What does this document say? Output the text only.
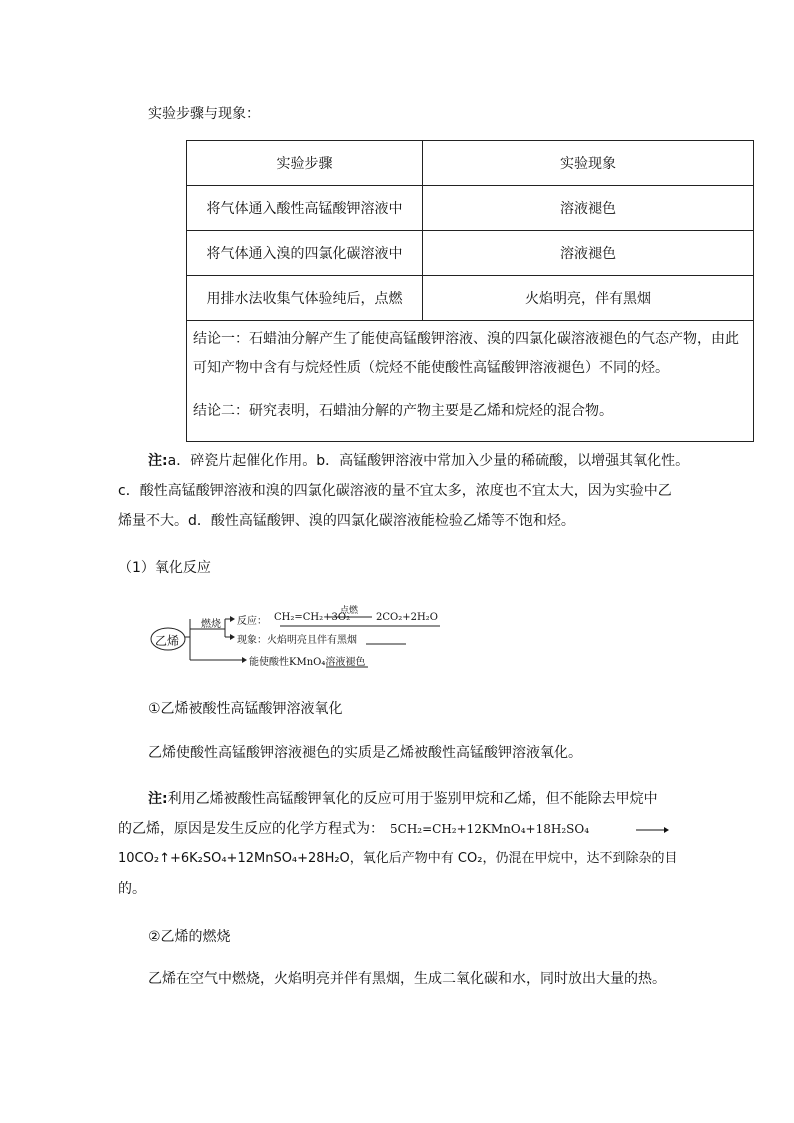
实验步骤与现象：
实验步骤	实验现象
将气体通入酸性高锰酸钾溶液中	溶液褪色
将气体通入溴的四氯化碳溶液中	溶液褪色
用排水法收集气体验纯后，点燃	火焰明亮，伴有黑烟

结论一：石蜡油分解产生了能使高锰酸钾溶液、溴的四氯化碳溶液褪色的气态产物，由此

可知产物中含有与烷烃性质（烷烃不能使酸性高锰酸钾溶液褪色）不同的烃。

结论二：研究表明，石蜡油分解的产物主要是乙烯和烷烃的混合物。	

注:a．碎瓷片起催化作用。b．高锰酸钾溶液中常加入少量的稀硫酸，以增强其氧化性。
c．酸性高锰酸钾溶液和溴的四氯化碳溶液的量不宜太多，浓度也不宜太大，因为实验中乙
烯量不大。d．酸性高锰酸钾、溴的四氯化碳溶液能检验乙烯等不饱和烃。
（1）氧化反应
乙烯
燃烧 反应： CH₂=CH₂+3O₂
点燃
2CO₂+2H₂O
现象：火焰明亮且伴有黑烟
能使酸性KMnO₄溶液褪色
①乙烯被酸性高锰酸钾溶液氧化
乙烯使酸性高锰酸钾溶液褪色的实质是乙烯被酸性高锰酸钾溶液氧化。
注:利用乙烯被酸性高锰酸钾氧化的反应可用于鉴别甲烷和乙烯，但不能除去甲烷中
的乙烯，原因是发生反应的化学方程式为： 5CH₂=CH₂+12KMnO₄+18H₂SO₄
10CO₂↑+6K₂SO₄+12MnSO₄+28H₂O，氧化后产物中有 CO₂，仍混在甲烷中，达不到除杂的目
的。
②乙烯的燃烧
乙烯在空气中燃烧，火焰明亮并伴有黑烟，生成二氧化碳和水，同时放出大量的热。
